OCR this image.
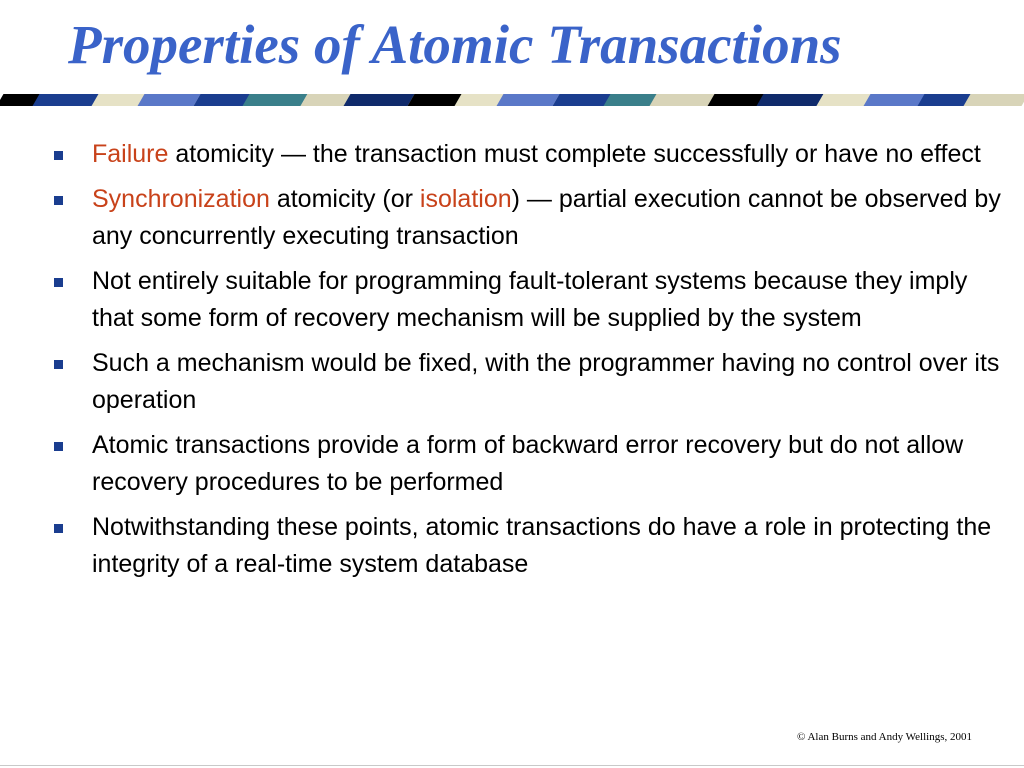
Properties of Atomic Transactions
Failure atomicity — the transaction must complete successfully or have no effect
Synchronization atomicity (or isolation) — partial execution cannot be observed by any concurrently executing transaction
Not entirely suitable for programming fault-tolerant systems because they imply that some form of recovery mechanism will be supplied by the system
Such a mechanism would be fixed, with the programmer having no control over its operation
Atomic transactions provide a form of backward error recovery but do not allow recovery procedures to be performed
Notwithstanding these points, atomic transactions do have a role in protecting the integrity of a real-time system database
© Alan Burns and Andy Wellings, 2001
